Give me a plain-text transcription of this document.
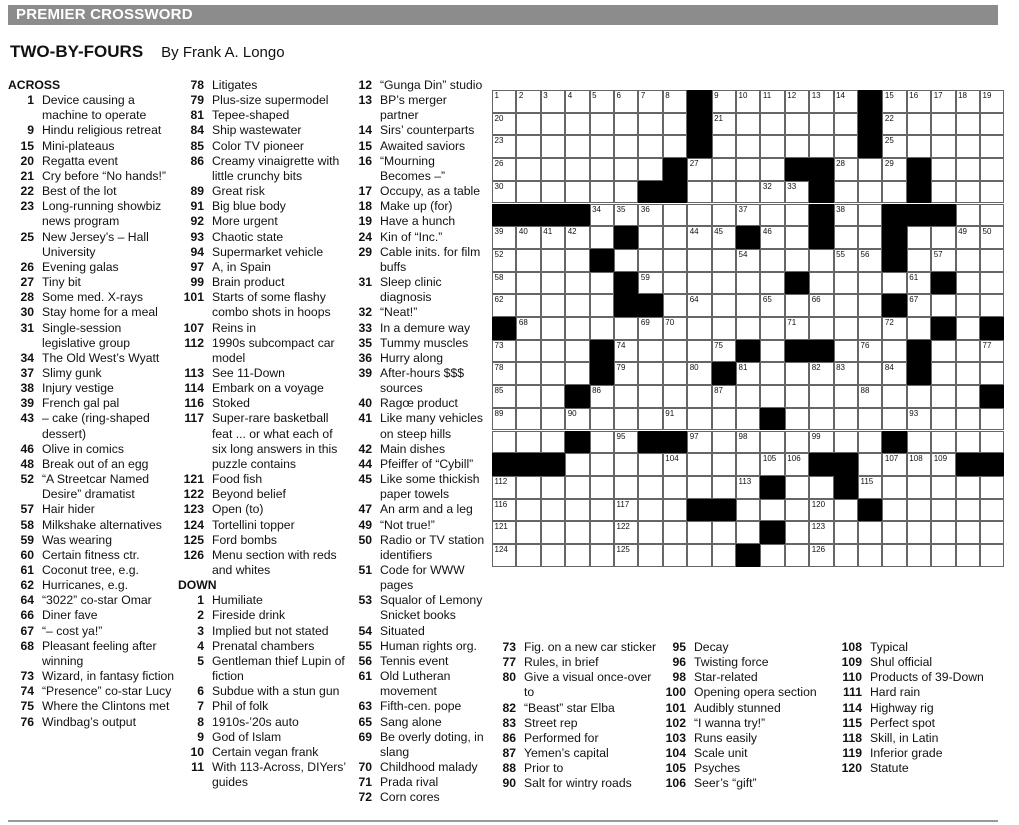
PREMIER CROSSWORD
TWO-BY-FOURS By Frank A. Longo
ACROSS
1 Device causing a machine to operate
9 Hindu religious retreat
15 Mini-plateaus
20 Regatta event
21 Cry before “No hands!”
22 Best of the lot
23 Long-running showbiz news program
25 New Jersey’s – Hall University
26 Evening galas
27 Tiny bit
28 Some med. X-rays
30 Stay home for a meal
31 Single-session legislative group
34 The Old West’s Wyatt
37 Slimy gunk
38 Injury vestige
39 French gal pal
43 – cake (ring-shaped dessert)
46 Olive in comics
48 Break out of an egg
52 “A Streetcar Named Desire” dramatist
57 Hair hider
58 Milkshake alternatives
59 Was wearing
60 Certain fitness ctr.
61 Coconut tree, e.g.
62 Hurricanes, e.g.
64 “3022” co-star Omar
66 Diner fave
67 “– cost ya!”
68 Pleasant feeling after winning
73 Wizard, in fantasy fiction
74 “Presence” co-star Lucy
75 Where the Clintons met
76 Windbag’s output
78 Litigates
79 Plus-size supermodel
81 Tepee-shaped
84 Ship wastewater
85 Color TV pioneer
86 Creamy vinaigrette with little crunchy bits
89 Great risk
91 Big blue body
92 More urgent
93 Chaotic state
94 Supermarket vehicle
97 A, in Spain
99 Brain product
101 Starts of some flashy combo shots in hoops
107 Reins in
112 1990s subcompact car model
113 See 11-Down
114 Embark on a voyage
116 Stoked
117 Super-rare basketball feat ... or what each of six long answers in this puzzle contains
121 Food fish
122 Beyond belief
123 Open (to)
124 Tortellini topper
125 Ford bombs
126 Menu section with reds and whites
DOWN
1 Humiliate
2 Fireside drink
3 Implied but not stated
4 Prenatal chambers
5 Gentleman thief Lupin of fiction
6 Subdue with a stun gun
7 Phil of folk
8 1910s-’20s auto
9 God of Islam
10 Certain vegan frank
11 With 113-Across, DIYers’ guides
12 “Gunga Din” studio
13 BP’s merger partner
14 Sirs’ counterparts
15 Awaited saviors
16 “Mourning Becomes –”
17 Occupy, as a table
18 Make up (for)
19 Have a hunch
24 Kin of “Inc.”
29 Cable inits. for film buffs
31 Sleep clinic diagnosis
32 “Neat!”
33 In a demure way
35 Tummy muscles
36 Hurry along
39 After-hours $$$ sources
40 Ragœ product
41 Like many vehicles on steep hills
42 Main dishes
44 Pfeiffer of “Cybill”
45 Like some thickish paper towels
47 An arm and a leg
49 “Not true!”
50 Radio or TV station identifiers
51 Code for WWW pages
53 Squalor of Lemony Snicket books
54 Situated
55 Human rights org.
56 Tennis event
61 Old Lutheran movement
63 Fifth-cen. pope
65 Sang alone
69 Be overly doting, in slang
70 Childhood malady
71 Prada rival
72 Corn cores
1 2 3 4 5 6 7 8	9 10 11 12 13 14	15 16 17 18 19
20	21	22
23	25
26	27	28	29
30	32 33
34 35 36	37	38
39 40 41 42	44 45	46	49 50
52	54	55 56	57
58	59	61
62	64	65	66	67
68	69 70	71	72
73	74	75	76	77
78	79	80	81	82 83	84
85	86	87	88
89	90	91	93
95	97	98	99
104	105 106	107 108 109
112	113	115
116	117	120
121	122	123
124	125	126
73 Fig. on a new car sticker
77 Rules, in brief
80 Give a visual once-over to
82 “Beast” star Elba
83 Street rep
86 Performed for
87 Yemen’s capital
88 Prior to
90 Salt for wintry roads
95 Decay
96 Twisting force
98 Star-related
100 Opening opera section
101 Audibly stunned
102 “I wanna try!”
103 Runs easily
104 Scale unit
105 Psyches
106 Seer’s “gift”
108 Typical
109 Shul official
110 Products of 39-Down
111 Hard rain
114 Highway rig
115 Perfect spot
118 Skill, in Latin
119 Inferior grade
120 Statute
